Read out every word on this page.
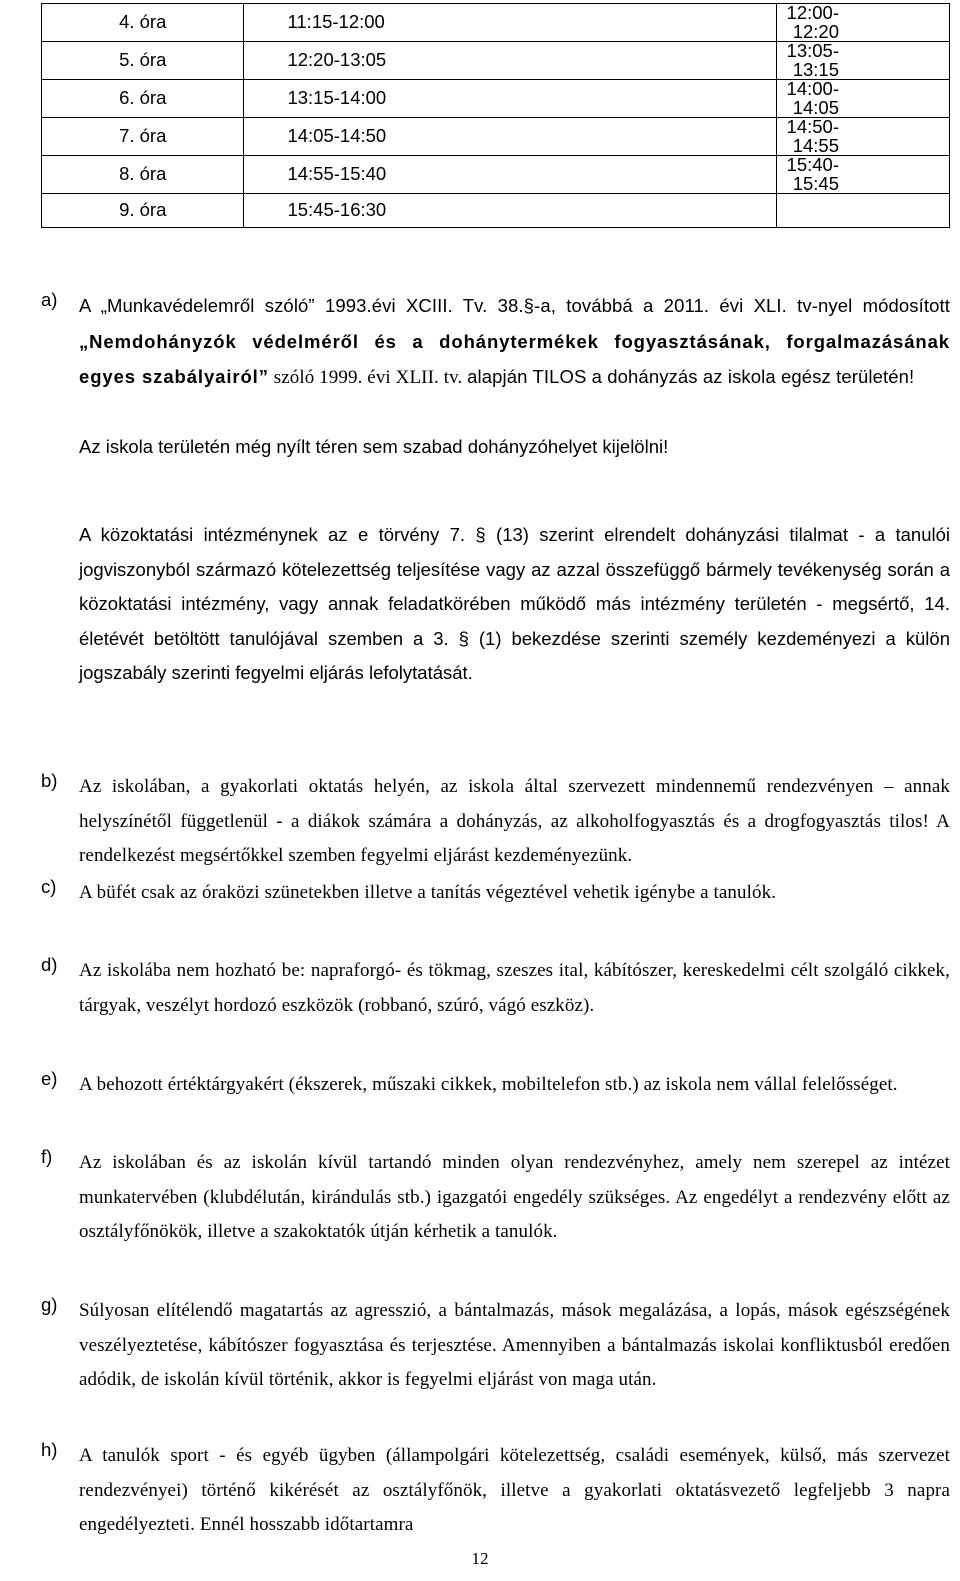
4. óra	11:15-12:00	12:00-12:20
5. óra	12:20-13:05	13:05-13:15
6. óra	13:15-14:00	14:00-14:05
7. óra	14:05-14:50	14:50-14:55
8. óra	14:55-15:40	15:40-15:45
9. óra	15:45-16:30	
a) A „Munkavédelemről szóló” 1993.évi XCIII. Tv. 38.§-a, továbbá a 2011. évi XLI. tv-nyel módosított „Nemdohányzók védelméről és a dohánytermékek fogyasztásának, forgalmazásának egyes szabályairól” szóló 1999. évi XLII. tv. alapján TILOS a dohányzás az iskola egész területén!
Az iskola területén még nyílt téren sem szabad dohányzóhelyet kijelölni!
A közoktatási intézménynek az e törvény 7. § (13) szerint elrendelt dohányzási tilalmat - a tanulói jogviszonyból származó kötelezettség teljesítése vagy az azzal összefüggő bármely tevékenység során a közoktatási intézmény, vagy annak feladatkörében működő más intézmény területén - megsértő, 14. életévét betöltött tanulójával szemben a 3. § (1) bekezdése szerinti személy kezdeményezi a külön jogszabály szerinti fegyelmi eljárás lefolytatását.
b) Az iskolában, a gyakorlati oktatás helyén, az iskola által szervezett mindennemű rendezvényen – annak helyszínétől függetlenül - a diákok számára a dohányzás, az alkoholfogyasztás és a drogfogyasztás tilos! A rendelkezést megsértőkkel szemben fegyelmi eljárást kezdeményezünk.
c) A büfét csak az óraközi szünetekben illetve a tanítás végeztével vehetik igénybe a tanulók.
d) Az iskolába nem hozható be: napraforgó- és tökmag, szeszes ital, kábítószer, kereskedelmi célt szolgáló cikkek, tárgyak, veszélyt hordozó eszközök (robbanó, szúró, vágó eszköz).
e) A behozott értéktárgyakért (ékszerek, műszaki cikkek, mobiltelefon stb.) az iskola nem vállal felelősséget.
f) Az iskolában és az iskolán kívül tartandó minden olyan rendezvényhez, amely nem szerepel az intézet munkatervében (klubdélután, kirándulás stb.) igazgatói engedély szükséges. Az engedélyt a rendezvény előtt az osztályfőnökök, illetve a szakoktatók útján kérhetik a tanulók.
g) Súlyosan elítélendő magatartás az agresszió, a bántalmazás, mások megalázása, a lopás, mások egészségének veszélyeztetése, kábítószer fogyasztása és terjesztése. Amennyiben a bántalmazás iskolai konfliktusból eredően adódik, de iskolán kívül történik, akkor is fegyelmi eljárást von maga után.
h) A tanulók sport - és egyéb ügyben (állampolgári kötelezettség, családi események, külső, más szervezet rendezvényei) történő kikérését az osztályfőnök, illetve a gyakorlati oktatásvezető legfeljebb 3 napra engedélyezteti. Ennél hosszabb időtartamra
12
